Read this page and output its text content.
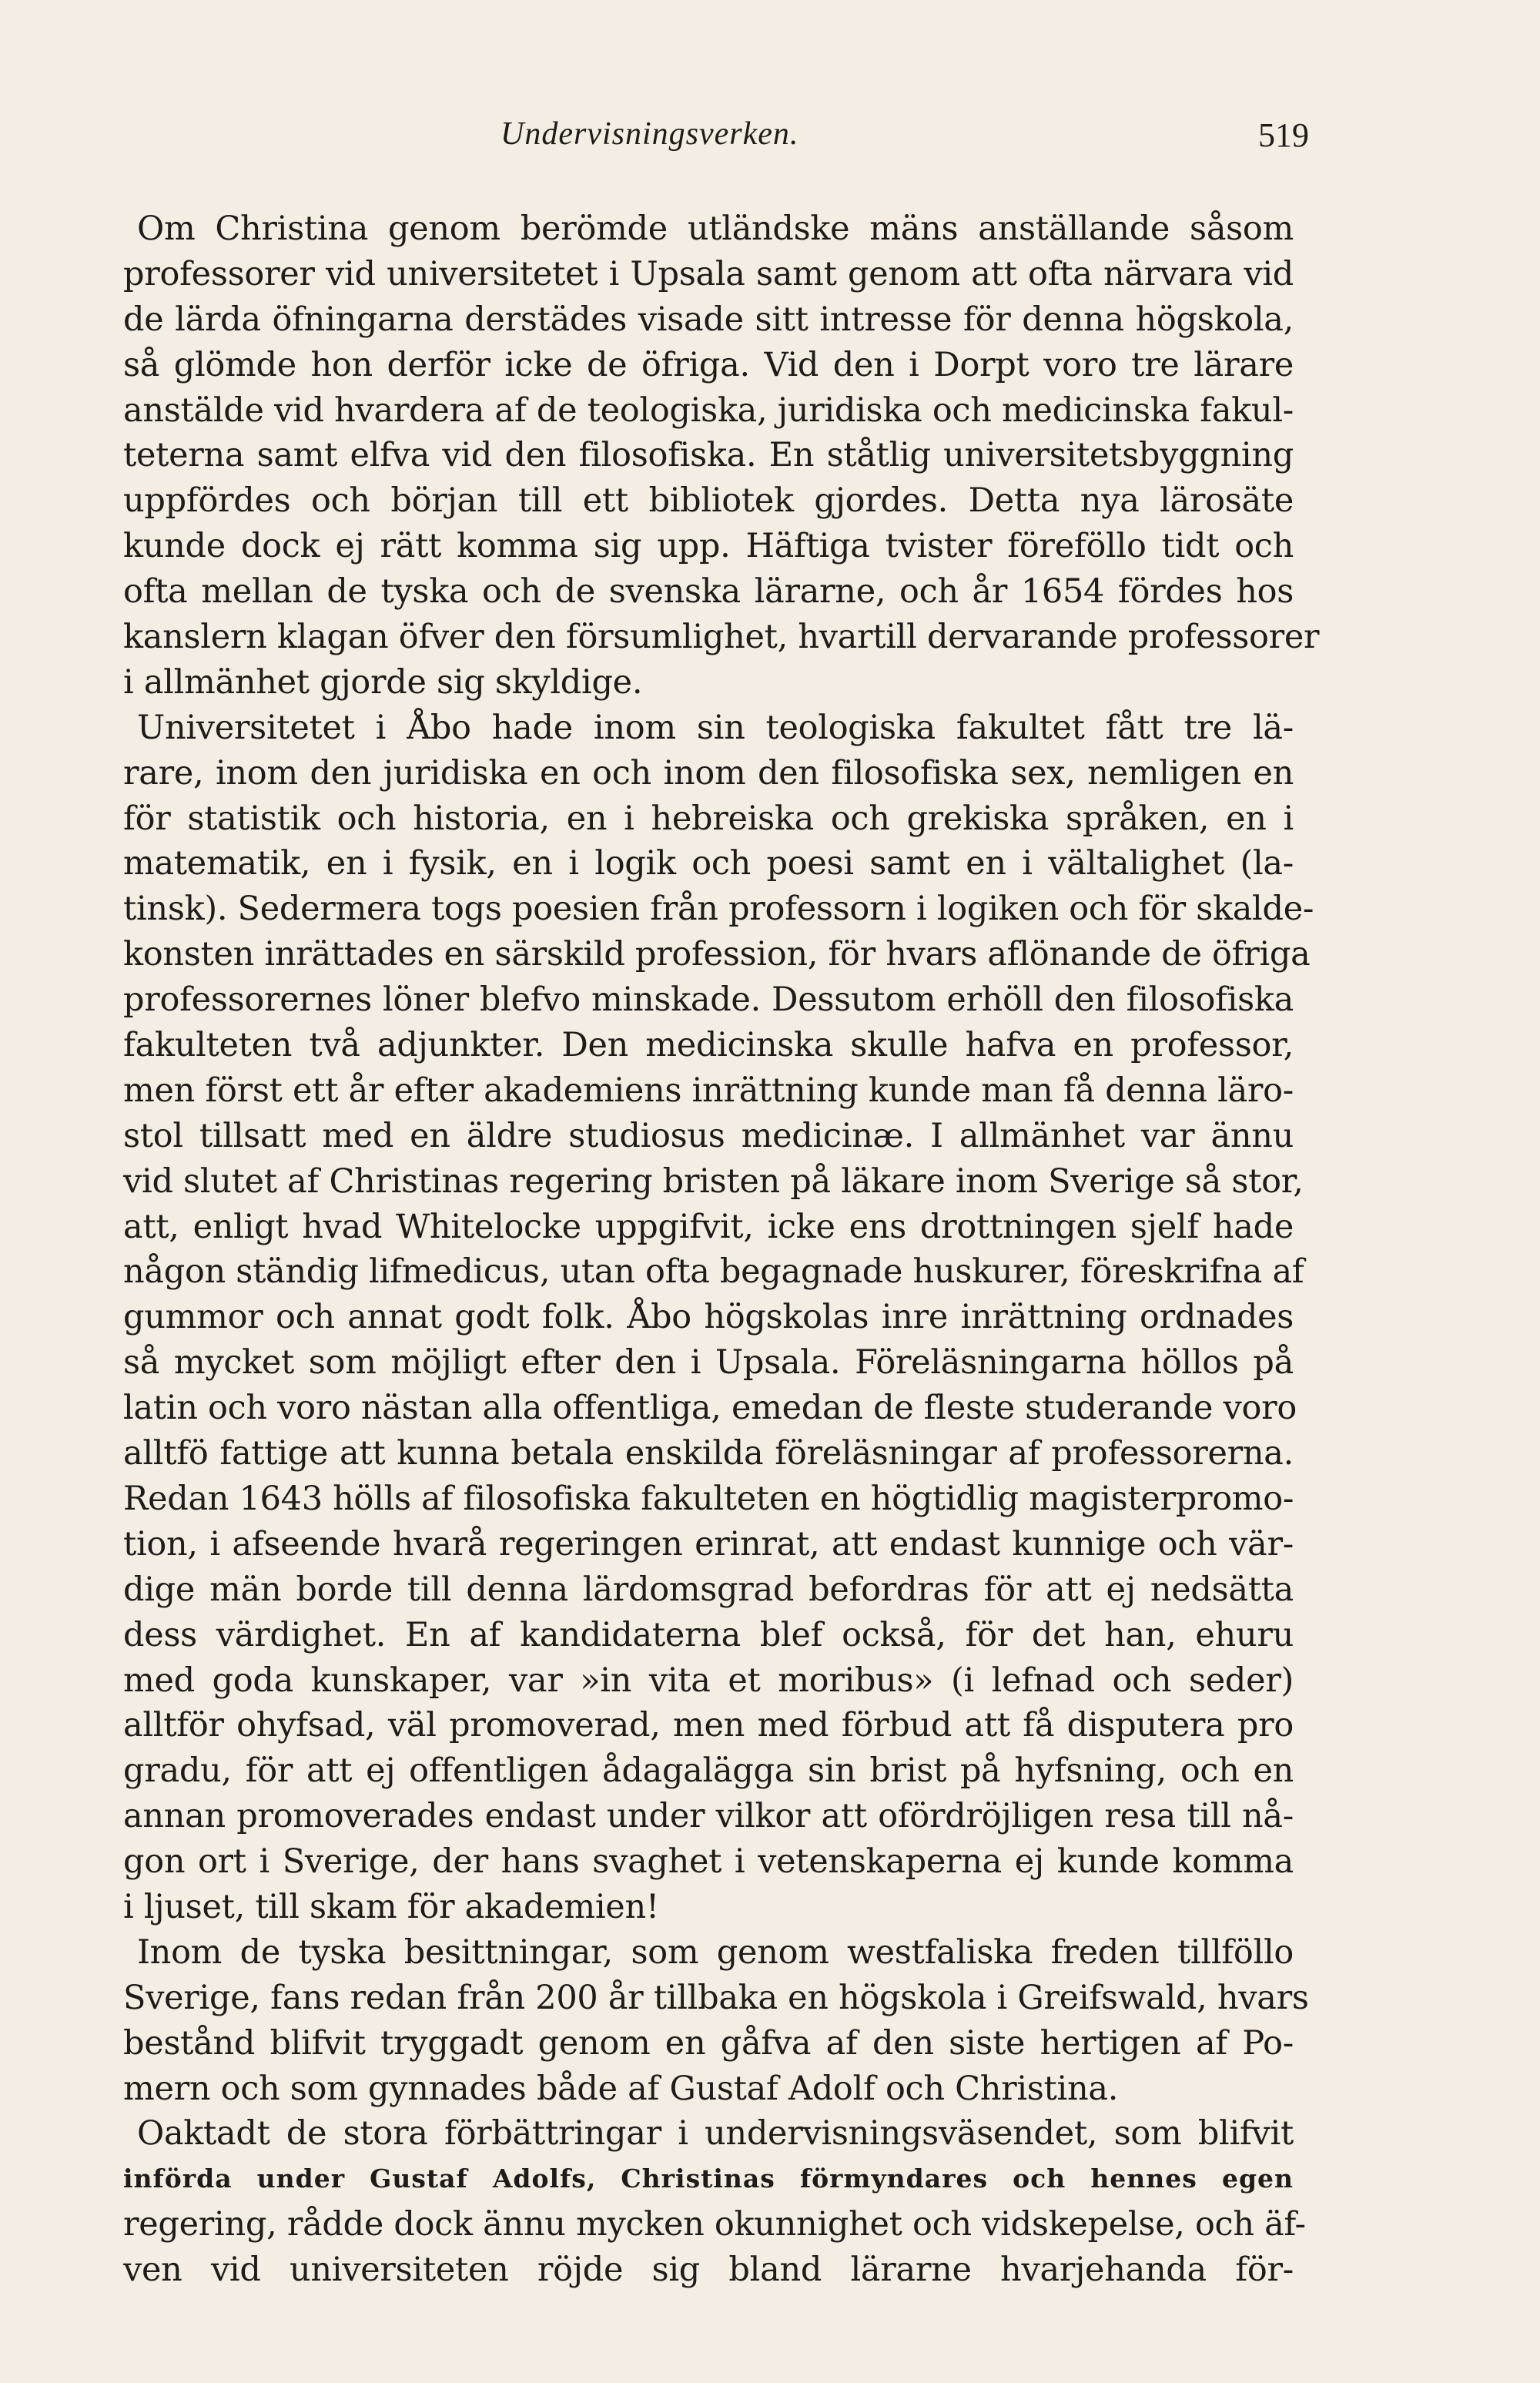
Undervisningsverken.	519
Om Christina genom berömde utländske mäns anställande såsom
professorer vid universitetet i Upsala samt genom att ofta närvara vid
de lärda öfningarna derstädes visade sitt intresse för denna högskola,
så glömde hon derför icke de öfriga. Vid den i Dorpt voro tre lärare
anstälde vid hvardera af de teologiska, juridiska och medicinska fakul-
teterna samt elfva vid den filosofiska. En ståtlig universitetsbyggning
uppfördes och början till ett bibliotek gjordes. Detta nya lärosäte
kunde dock ej rätt komma sig upp. Häftiga tvister föreföllo tidt och
ofta mellan de tyska och de svenska lärarne, och år 1654 fördes hos
kanslern klagan öfver den försumlighet, hvartill dervarande professorer
i allmänhet gjorde sig skyldige.
Universitetet i Åbo hade inom sin teologiska fakultet fått tre lä-
rare, inom den juridiska en och inom den filosofiska sex, nemligen en
för statistik och historia, en i hebreiska och grekiska språken, en i
matematik, en i fysik, en i logik och poesi samt en i vältalighet (la-
tinsk). Sedermera togs poesien från professorn i logiken och för skalde-
konsten inrättades en särskild profession, för hvars aflönande de öfriga
professorernes löner blefvo minskade. Dessutom erhöll den filosofiska
fakulteten två adjunkter. Den medicinska skulle hafva en professor,
men först ett år efter akademiens inrättning kunde man få denna läro-
stol tillsatt med en äldre studiosus medicinæ. I allmänhet var ännu
vid slutet af Christinas regering bristen på läkare inom Sverige så stor,
att, enligt hvad Whitelocke uppgifvit, icke ens drottningen sjelf hade
någon ständig lifmedicus, utan ofta begagnade huskurer, föreskrifna af
gummor och annat godt folk. Åbo högskolas inre inrättning ordnades
så mycket som möjligt efter den i Upsala. Föreläsningarna höllos på
latin och voro nästan alla offentliga, emedan de fleste studerande voro
alltfö fattige att kunna betala enskilda föreläsningar af professorerna.
Redan 1643 hölls af filosofiska fakulteten en högtidlig magisterpromo-
tion, i afseende hvarå regeringen erinrat, att endast kunnige och vär-
dige män borde till denna lärdomsgrad befordras för att ej nedsätta
dess värdighet. En af kandidaterna blef också, för det han, ehuru
med goda kunskaper, var »in vita et moribus» (i lefnad och seder)
alltför ohyfsad, väl promoverad, men med förbud att få disputera pro
gradu, för att ej offentligen ådagalägga sin brist på hyfsning, och en
annan promoverades endast under vilkor att ofördröjligen resa till nå-
gon ort i Sverige, der hans svaghet i vetenskaperna ej kunde komma
i ljuset, till skam för akademien!
Inom de tyska besittningar, som genom westfaliska freden tillföllo
Sverige, fans redan från 200 år tillbaka en högskola i Greifswald, hvars
bestånd blifvit tryggadt genom en gåfva af den siste hertigen af Po-
mern och som gynnades både af Gustaf Adolf och Christina.
Oaktadt de stora förbättringar i undervisningsväsendet, som blifvit
införda under Gustaf Adolfs, Christinas förmyndares och hennes egen
regering, rådde dock ännu mycken okunnighet och vidskepelse, och äf-
ven vid universiteten röjde sig bland lärarne hvarjehanda för-
